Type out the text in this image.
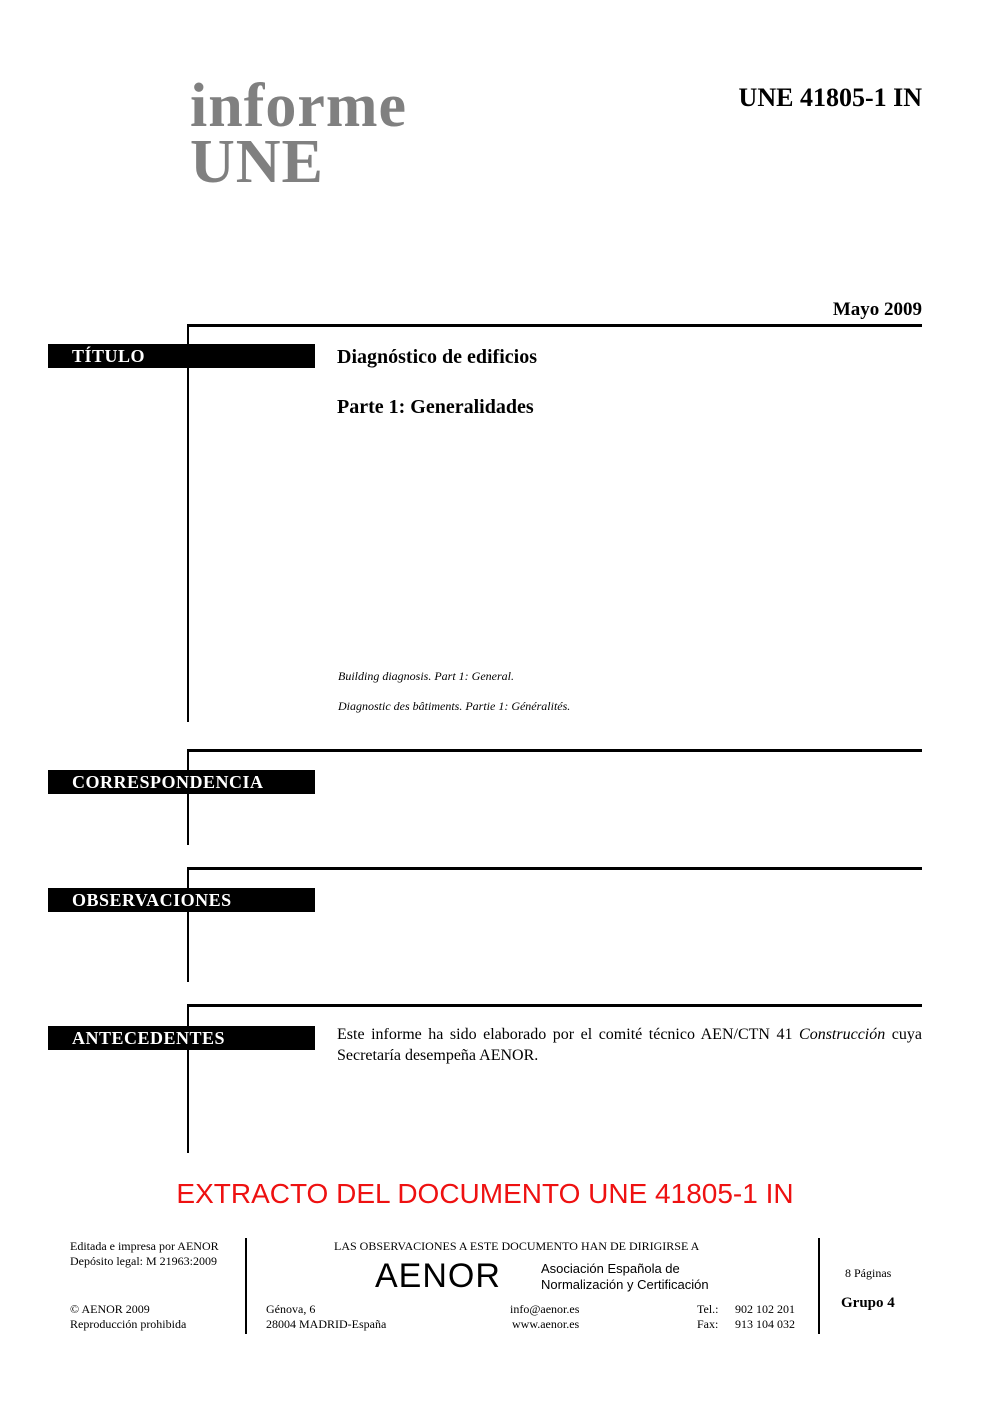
informe
UNE
UNE 41805-1 IN
Mayo 2009
TÍTULO	Diagnóstico de edificios
Parte 1: Generalidades
Building diagnosis. Part 1: General.
Diagnostic des bâtiments. Partie 1: Généralités.
CORRESPONDENCIA
OBSERVACIONES
ANTECEDENTES	Este informe ha sido elaborado por el comité técnico AEN/CTN 41 Construcción cuya Secretaría desempeña AENOR.
EXTRACTO DEL DOCUMENTO UNE 41805-1 IN
Editada e impresa por AENOR
Depósito legal: M 21963:2009
© AENOR 2009
Reproducción prohibida
LAS OBSERVACIONES A ESTE DOCUMENTO HAN DE DIRIGIRSE A
AENOR	Asociación Española de
Normalización y Certificación
Génova, 6
28004 MADRID-España
info@aenor.es
www.aenor.es
Tel.: 902 102 201
Fax: 913 104 032
8 Páginas
Grupo 4
